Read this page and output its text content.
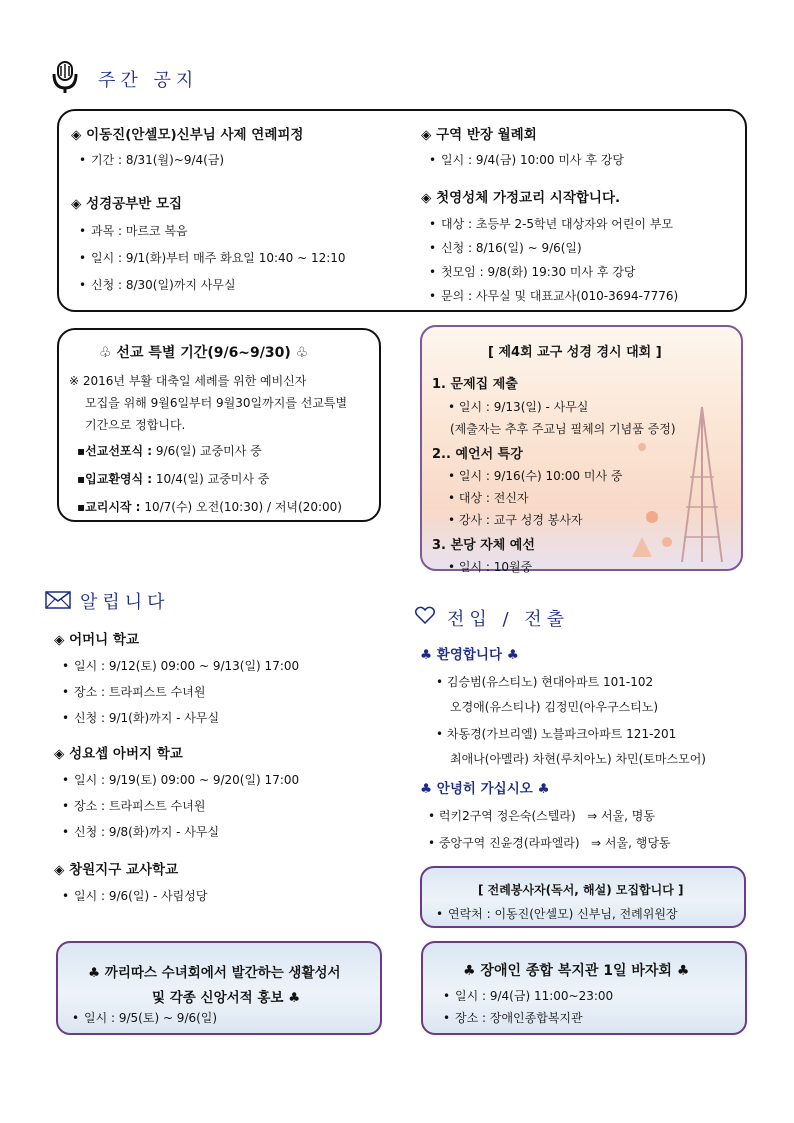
주간 공지
◈ 이동진(안셀모)신부님 사제 연례피정
• 기간 : 8/31(월)~9/4(금)
◈ 성경공부반 모집
• 과목 : 마르코 복음
• 일시 : 9/1(화)부터 매주 화요일 10:40 ~ 12:10
• 신청 : 8/30(일)까지 사무실
◈ 구역 반장 월례회
• 일시 : 9/4(금) 10:00 미사 후 강당
◈ 첫영성체 가정교리 시작합니다.
• 대상 : 초등부 2-5학년 대상자와 어린이 부모
• 신청 : 8/16(일) ~ 9/6(일)
• 첫모임 : 9/8(화) 19:30 미사 후 강당
• 문의 : 사무실 및 대표교사(010-3694-7776)
♧ 선교 특별 기간(9/6~9/30) ♧
※ 2016년 부활 대축일 세례를 위한 예비신자
모집을 위해 9월6일부터 9월30일까지를 선교특별
기간으로 정합니다.
▪선교선포식 : 9/6(일) 교중미사 중
▪입교환영식 : 10/4(일) 교중미사 중
▪교리시작 : 10/7(수) 오전(10:30) / 저녁(20:00)
[ 제4회 교구 성경 경시 대회 ]
1. 문제집 제출
• 일시 : 9/13(일) - 사무실
(제출자는 추후 주교님 필체의 기념품 증정)
2.. 예언서 특강
• 일시 : 9/16(수) 10:00 미사 중
• 대상 : 전신자
• 강사 : 교구 성경 봉사자
3. 본당 자체 예선
• 일시 : 10월중
알립니다
◈ 어머니 학교
• 일시 : 9/12(토) 09:00 ~ 9/13(일) 17:00
• 장소 : 트라피스트 수녀원
• 신청 : 9/1(화)까지 - 사무실
◈ 성요셉 아버지 학교
• 일시 : 9/19(토) 09:00 ~ 9/20(일) 17:00
• 장소 : 트라피스트 수녀원
• 신청 : 9/8(화)까지 - 사무실
◈ 창원지구 교사학교
• 일시 : 9/6(일) - 사림성당
전입 / 전출
♣ 환영합니다 ♣
• 김승범(유스티노) 현대아파트 101-102
오경애(유스티나) 김정민(아우구스티노)
• 차동경(가브리엘) 노블파크아파트 121-201
최애나(아멜라) 차현(루치아노) 차민(토마스모어)
♣ 안녕히 가십시오 ♣
• 럭키2구역 정은숙(스텔라) ⇒ 서울, 명동
• 중앙구역 진윤경(라파엘라) ⇒ 서울, 행당동
[ 전례봉사자(독서, 해설) 모집합니다 ]
• 연락처 : 이동진(안셀모) 신부님, 전례위원장
♣ 까리따스 수녀회에서 발간하는 생활성서
및 각종 신앙서적 홍보 ♣
• 일시 : 9/5(토) ~ 9/6(일)
♣ 장애인 종합 복지관 1일 바자회 ♣
• 일시 : 9/4(금) 11:00~23:00
• 장소 : 장애인종합복지관
